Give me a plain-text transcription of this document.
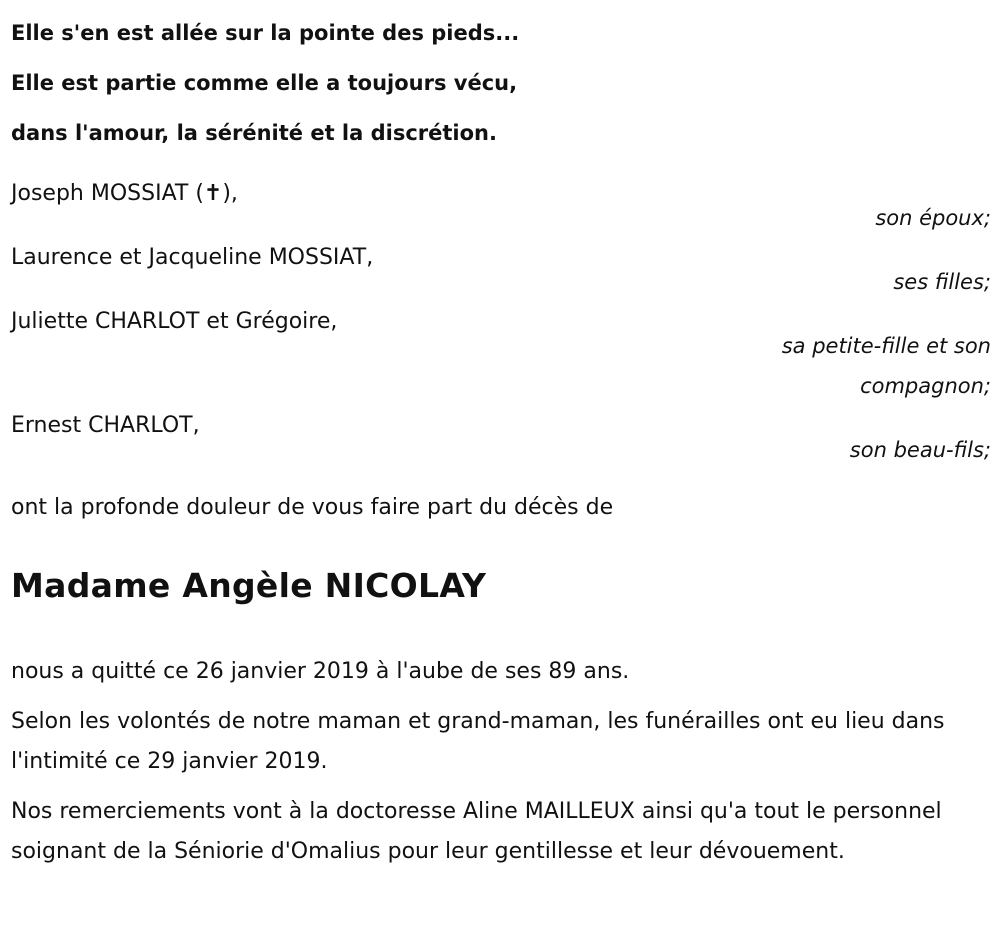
Elle s'en est allée sur la pointe des pieds...
Elle est partie comme elle a toujours vécu,
dans l'amour, la sérénité et la discrétion.
Joseph MOSSIAT (✝),
son époux;
Laurence et Jacqueline MOSSIAT,
ses filles;
Juliette CHARLOT et Grégoire,
sa petite-fille et son compagnon;
Ernest CHARLOT,
son beau-fils;
ont la profonde douleur de vous faire part du décès de
Madame Angèle NICOLAY

nous a quitté ce 26 janvier 2019 à l'aube de ses 89 ans.

Selon les volontés de notre maman et grand-maman, les funérailles ont eu lieu dans l'intimité ce 29 janvier 2019.

Nos remerciements vont à la doctoresse Aline MAILLEUX ainsi qu'a tout le personnel soignant de la Séniorie d'Omalius pour leur gentillesse et leur dévouement.
